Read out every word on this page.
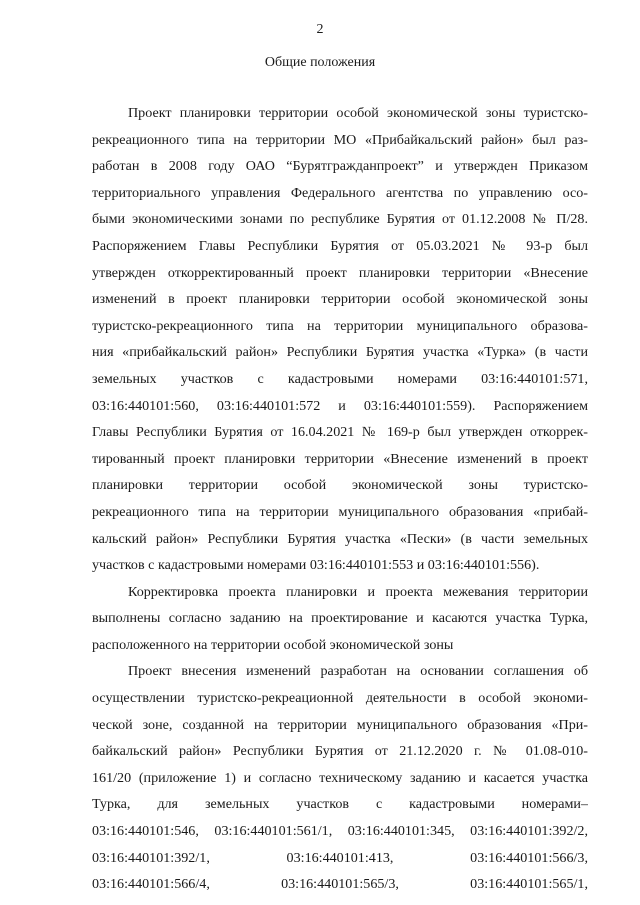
2
Общие положения
Проект планировки территории особой экономической зоны туристско-
рекреационного типа на территории МО «Прибайкальский район» был раз-
работан в 2008 году ОАО “Бурятгражданпроект” и утвержден Приказом
территориального управления Федерального агентства по управлению осо-
быми экономическими зонами по республике Бурятия от 01.12.2008 № П/28.
Распоряжением Главы Республики Бурятия от 05.03.2021 № 93-р был
утвержден откорректированный проект планировки территории «Внесение
изменений в проект планировки территории особой экономической зоны
туристско-рекреационного типа на территории муниципального образова-
ния «прибайкальский район» Республики Бурятия участка «Турка» (в части
земельных участков с кадастровыми номерами 03:16:440101:571,
03:16:440101:560, 03:16:440101:572 и 03:16:440101:559). Распоряжением
Главы Республики Бурятия от 16.04.2021 № 169-р был утвержден откоррек-
тированный проект планировки территории «Внесение изменений в проект
планировки территории особой экономической зоны туристско-
рекреационного типа на территории муниципального образования «прибай-
кальский район» Республики Бурятия участка «Пески» (в части земельных
участков с кадастровыми номерами 03:16:440101:553 и 03:16:440101:556).
Корректировка проекта планировки и проекта межевания территории
выполнены согласно заданию на проектирование и касаются участка Турка,
расположенного на территории особой экономической зоны
Проект внесения изменений разработан на основании соглашения об
осуществлении туристско-рекреационной деятельности в особой экономи-
ческой зоне, созданной на территории муниципального образования «При-
байкальский район» Республики Бурятия от 21.12.2020 г. № 01.08-010-
161/20 (приложение 1) и согласно техническому заданию и касается участка
Турка, для земельных участков с кадастровыми номерами–
03:16:440101:546, 03:16:440101:561/1, 03:16:440101:345, 03:16:440101:392/2,
03:16:440101:392/1, 03:16:440101:413, 03:16:440101:566/3,
03:16:440101:566/4, 03:16:440101:565/3, 03:16:440101:565/1,
